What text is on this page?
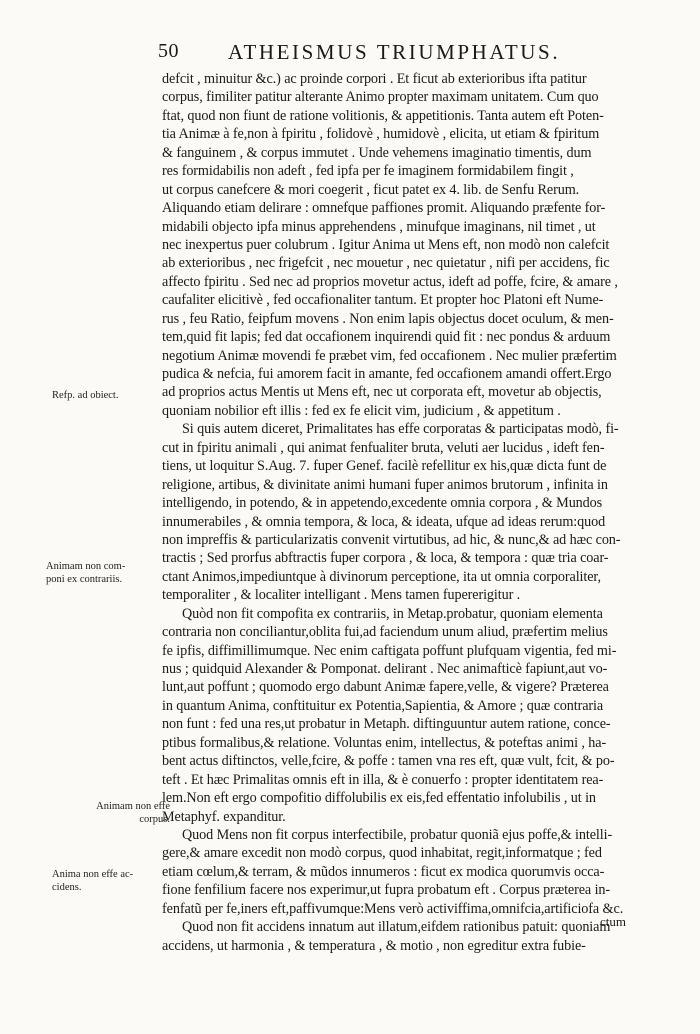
50 ATHEISMUS TRIUMPHATUS.
defcit , minuitur &c.) ac proinde corpori . Et ficut ab exterioribus ifta patitur
corpus, fimiliter patitur alterante Animo propter maximam unitatem. Cum quo
ftat, quod non fiunt de ratione volitionis, & appetitionis. Tanta autem eft Poten-
tia Animæ à fe,non à fpiritu , folidovè , humidovè , elicita, ut etiam & fpiritum
& fanguinem , & corpus immutet . Unde vehemens imaginatio timentis, dum
res formidabilis non adeft , fed ipfa per fe imaginem formidabilem fingit ,
ut corpus canefcere & mori coegerit , ficut patet ex 4. lib. de Senfu Rerum.
Aliquando etiam delirare : omnefque paffiones promit. Aliquando præfente for-
midabili objecto ipfa minus apprehendens , minufque imaginans, nil timet , ut
nec inexpertus puer colubrum . Igitur Anima ut Mens eft, non modò non calefcit
ab exterioribus , nec frigefcit , nec mouetur , nec quietatur , nifi per accidens, fic
affecto fpiritu . Sed nec ad proprios movetur actus, ideft ad poffe, fcire, & amare ,
caufaliter elicitivè , fed occafionaliter tantum. Et propter hoc Platoni eft Nume-
rus , feu Ratio, feipfum movens . Non enim lapis objectus docet oculum, & men-
tem,quid fit lapis; fed dat occafionem inquirendi quid fit : nec pondus & arduum
negotium Animæ movendi fe præbet vim, fed occafionem . Nec mulier præfertim
pudica & nefcia, fui amorem facit in amante, fed occafionem amandi offert.Ergo
ad proprios actus Mentis ut Mens eft, nec ut corporata eft, movetur ab objectis,
quoniam nobilior eft illis : fed ex fe elicit vim, judicium , & appetitum .
Si quis autem diceret, Primalitates has effe corporatas & participatas modò, fi-
cut in fpiritu animali , qui animat fenfualiter bruta, veluti aer lucidus , ideft fen-
tiens, ut loquitur S.Aug. 7. fuper Genef. facilè refellitur ex his,quæ dicta funt de
religione, artibus, & divinitate animi humani fuper animos brutorum , infinita in
intelligendo, in potendo, & in appetendo,excedente omnia corpora , & Mundos
innumerabiles , & omnia tempora, & loca, & ideata, ufque ad ideas rerum:quod
non impreffis & particularizatis convenit virtutibus, ad hic, & nunc,& ad hæc con-
tractis ; Sed prorfus abftractis fuper corpora , & loca, & tempora : quæ tria coar-
ctant Animos,impediuntque à divinorum perceptione, ita ut omnia corporaliter,
temporaliter , & localiter intelligant . Mens tamen fupererigitur .
Quòd non fit compofita ex contrariis, in Metap.probatur, quoniam elementa
contraria non conciliantur,oblita fui,ad faciendum unum aliud, præfertim melius
fe ipfis, diffimillimumque. Nec enim caftigata poffunt plufquam vigentia, fed mi-
nus ; quidquid Alexander & Pomponat. delirant . Nec animafticè fapiunt,aut vo-
lunt,aut poffunt ; quomodo ergo dabunt Animæ fapere,velle, & vigere? Præterea
in quantum Anima, conftituitur ex Potentia,Sapientia, & Amore ; quæ contraria
non funt : fed una res,ut probatur in Metaph. diftinguuntur autem ratione, conce-
ptibus formalibus,& relatione. Voluntas enim, intellectus, & poteftas animi , ha-
bent actus diftinctos, velle,fcire, & poffe : tamen vna res eft, quæ vult, fcit, & po-
teft . Et hæc Primalitas omnis eft in illa, & è conuerfo : propter identitatem rea-
lem.Non eft ergo compofitio diffolubilis ex eis,fed effentatio infolubilis , ut in
Metaphyf. expanditur.
Quod Mens non fit corpus interfectibile, probatur quoniã ejus poffe,& intelli-
gere,& amare excedit non modò corpus, quod inhabitat, regit,informatque ; fed
etiam cœlum,& terram, & mũdos innumeros : ficut ex modica quorumvis occa-
fione fenfilium facere nos experimur,ut fupra probatum eft . Corpus præterea in-
fenfatũ per fe,iners eft,paffivumque:Mens verò activiffima,omnifcia,artificiofa &c.
Quod non fit accidens innatum aut illatum,eifdem rationibus patuit: quoniam
accidens, ut harmonia , & temperatura , & motio , non egreditur extra fubie-
Refp. ad obiect.
Animam non com-
poni ex contrariis.
Animam non effe
corpus.
Anima non effe ac-
cidens.
ctum
